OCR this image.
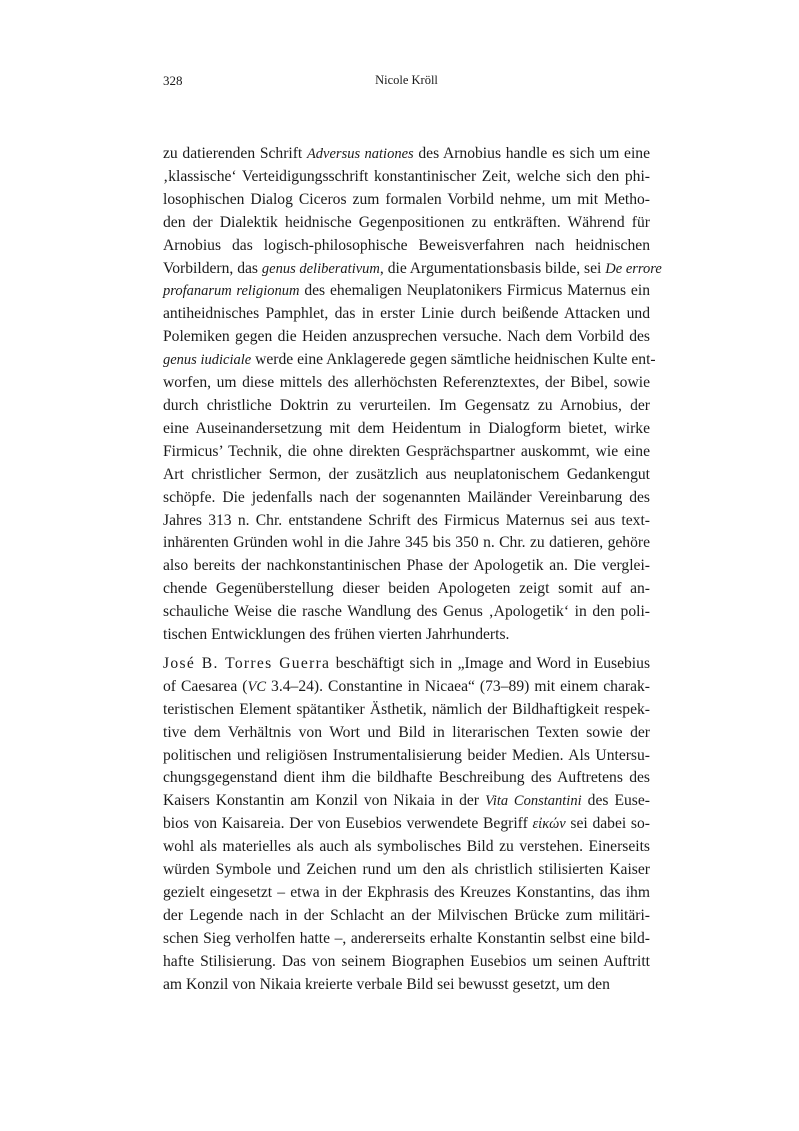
328	Nicole Kröll

zu datierenden Schrift Adversus nationes des Arnobius handle es sich um eine
‚klassische‘ Verteidigungsschrift konstantinischer Zeit, welche sich den phi-
losophischen Dialog Ciceros zum formalen Vorbild nehme, um mit Metho-
den der Dialektik heidnische Gegenpositionen zu entkräften. Während für
Arnobius das logisch-philosophische Beweisverfahren nach heidnischen
Vorbildern, das genus deliberativum, die Argumentationsbasis bilde, sei De errore
profanarum religionum des ehemaligen Neuplatonikers Firmicus Maternus ein
antiheidnisches Pamphlet, das in erster Linie durch beißende Attacken und
Polemiken gegen die Heiden anzusprechen versuche. Nach dem Vorbild des
genus iudiciale werde eine Anklagerede gegen sämtliche heidnischen Kulte ent-
worfen, um diese mittels des allerhöchsten Referenztextes, der Bibel, sowie
durch christliche Doktrin zu verurteilen. Im Gegensatz zu Arnobius, der
eine Auseinandersetzung mit dem Heidentum in Dialogform bietet, wirke
Firmicus’ Technik, die ohne direkten Gesprächspartner auskommt, wie eine
Art christlicher Sermon, der zusätzlich aus neuplatonischem Gedankengut
schöpfe. Die jedenfalls nach der sogenannten Mailänder Vereinbarung des
Jahres 313 n. Chr. entstandene Schrift des Firmicus Maternus sei aus text-
inhärenten Gründen wohl in die Jahre 345 bis 350 n. Chr. zu datieren, gehöre
also bereits der nachkonstantinischen Phase der Apologetik an. Die verglei-
chende Gegenüberstellung dieser beiden Apologeten zeigt somit auf an-
schauliche Weise die rasche Wandlung des Genus ‚Apologetik‘ in den poli-
tischen Entwicklungen des frühen vierten Jahrhunderts.

José B. Torres Guerra beschäftigt sich in „Image and Word in Eusebius
of Caesarea (VC 3.4–24). Constantine in Nicaea“ (73–89) mit einem charak-
teristischen Element spätantiker Ästhetik, nämlich der Bildhaftigkeit respek-
tive dem Verhältnis von Wort und Bild in literarischen Texten sowie der
politischen und religiösen Instrumentalisierung beider Medien. Als Untersu-
chungsgegenstand dient ihm die bildhafte Beschreibung des Auftretens des
Kaisers Konstantin am Konzil von Nikaia in der Vita Constantini des Euse-
bios von Kaisareia. Der von Eusebios verwendete Begriff εἰκών sei dabei so-
wohl als materielles als auch als symbolisches Bild zu verstehen. Einerseits
würden Symbole und Zeichen rund um den als christlich stilisierten Kaiser
gezielt eingesetzt – etwa in der Ekphrasis des Kreuzes Konstantins, das ihm
der Legende nach in der Schlacht an der Milvischen Brücke zum militäri-
schen Sieg verholfen hatte –, andererseits erhalte Konstantin selbst eine bild-
hafte Stilisierung. Das von seinem Biographen Eusebios um seinen Auftritt
am Konzil von Nikaia kreierte verbale Bild sei bewusst gesetzt, um den
